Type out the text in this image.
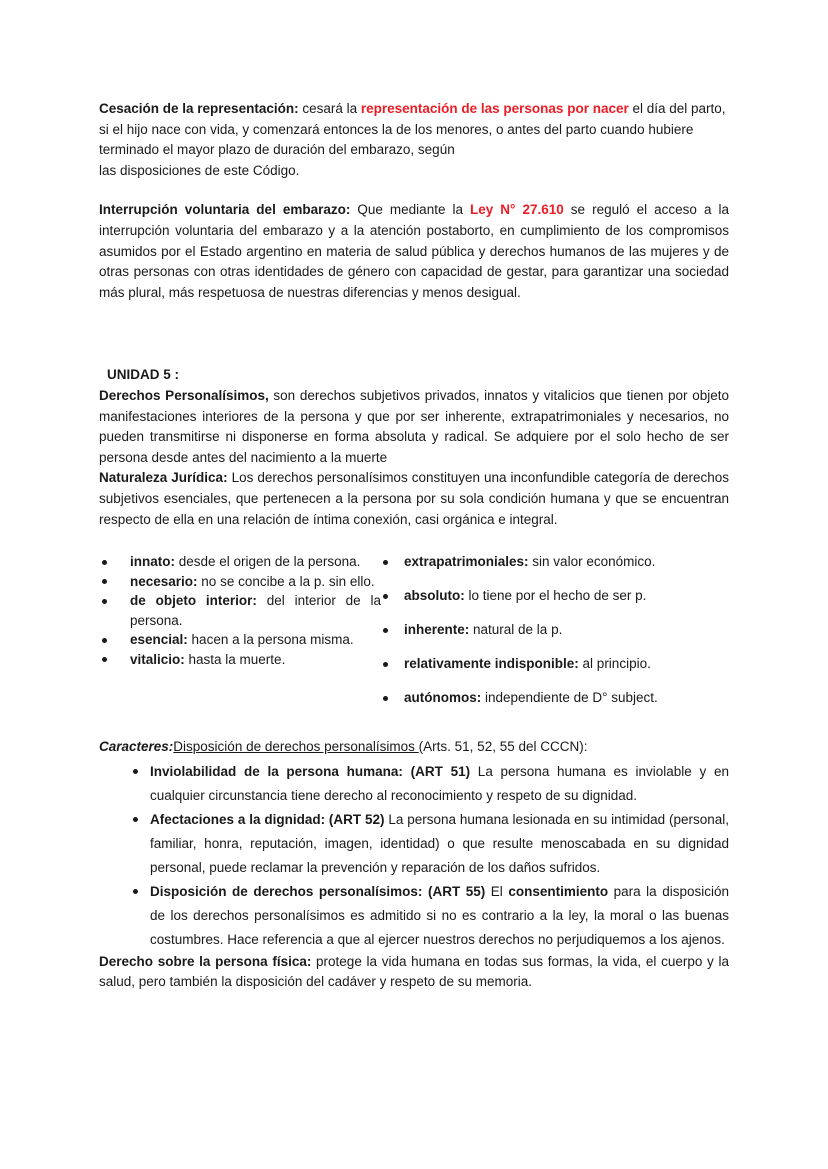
Cesación de la representación: cesará la representación de las personas por nacer el día del parto, si el hijo nace con vida, y comenzará entonces la de los menores, o antes del parto cuando hubiere terminado el mayor plazo de duración del embarazo, según
las disposiciones de este Código.

Interrupción voluntaria del embarazo: Que mediante la Ley N° 27.610 se reguló el acceso a la interrupción voluntaria del embarazo y a la atención postaborto, en cumplimiento de los compromisos asumidos por el Estado argentino en materia de salud pública y derechos humanos de las mujeres y de otras personas con otras identidades de género con capacidad de gestar, para garantizar una sociedad más plural, más respetuosa de nuestras diferencias y menos desigual.

UNIDAD 5 :

Derechos Personalísimos, son derechos subjetivos privados, innatos y vitalicios que tienen por objeto manifestaciones interiores de la persona y que por ser inherente, extrapatrimoniales y necesarios, no pueden transmitirse ni disponerse en forma absoluta y radical. Se adquiere por el solo hecho de ser persona desde antes del nacimiento a la muerte

Naturaleza Jurídica: Los derechos personalísimos constituyen una inconfundible categoría de derechos subjetivos esenciales, que pertenecen a la persona por su sola condición humana y que se encuentran respecto de ella en una relación de íntima conexión, casi orgánica e integral.

innato: desde el origen de la persona.
necesario: no se concibe a la p. sin ello.
de objeto interior: del interior de la persona.
esencial: hacen a la persona misma.
vitalicio: hasta la muerte.
extrapatrimoniales: sin valor económico.
absoluto: lo tiene por el hecho de ser p.
inherente: natural de la p.
relativamente indisponible: al principio.
autónomos: independiente de D° subject.

Caracteres:Disposición de derechos personalísimos (Arts. 51, 52, 55 del CCCN):

Inviolabilidad de la persona humana: (ART 51) La persona humana es inviolable y en cualquier circunstancia tiene derecho al reconocimiento y respeto de su dignidad.
Afectaciones a la dignidad: (ART 52) La persona humana lesionada en su intimidad (personal, familiar, honra, reputación, imagen, identidad) o que resulte menoscabada en su dignidad personal, puede reclamar la prevención y reparación de los daños sufridos.
Disposición de derechos personalísimos: (ART 55) El consentimiento para la disposición de los derechos personalísimos es admitido si no es contrario a la ley, la moral o las buenas costumbres. Hace referencia a que al ejercer nuestros derechos no perjudiquemos a los ajenos.

Derecho sobre la persona física: protege la vida humana en todas sus formas, la vida, el cuerpo y la salud, pero también la disposición del cadáver y respeto de su memoria.
